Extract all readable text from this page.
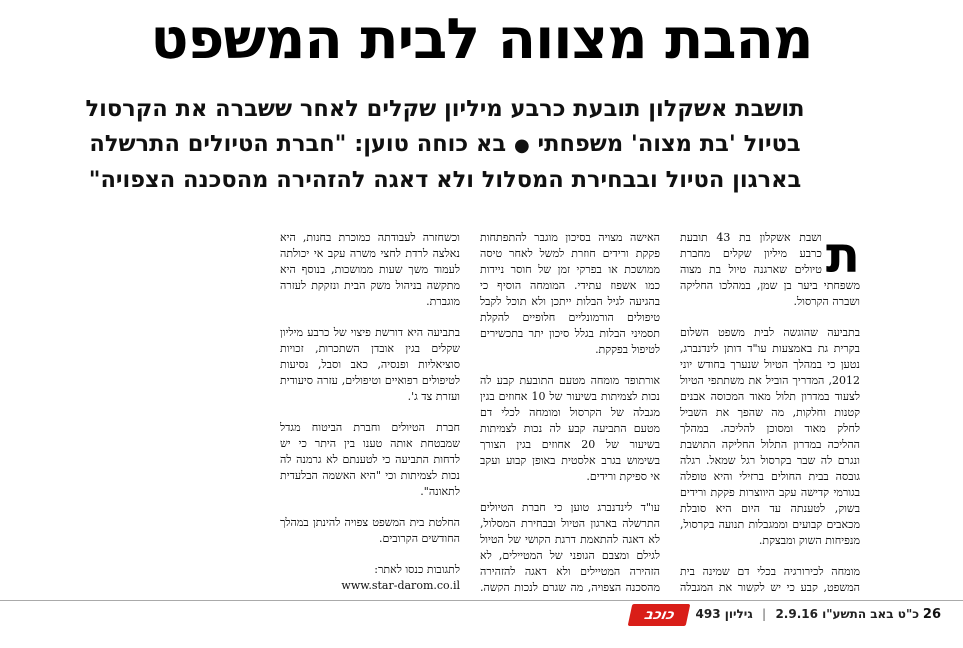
מהבת מצווה לבית המשפט
תושבת אשקלון תובעת כרבע מיליון שקלים לאחר ששברה את הקרסול
בטיול 'בת מצוה' משפחתי ● בא כוחה טוען: "חברת הטיולים התרשלה
בארגון הטיול ובבחירת המסלול ולא דאגה להזהירה מהסכנה הצפויה"

ת
ושבת אשקלון בת 43 תובעת כרבע מיליון שקלים מחברת טיולים שארגנה טיול בת מצוה משפחתי ביער בן שמן, במהלכו החליקה ושברה הקרסול.

בתביעה שהוגשה לבית משפט השלום בקרית גת באמצעות עו"ד דותן לינדנברג, נטען כי במהלך הטיול שנערך בחודש יוני 2012, המדריך הוביל את משתתפי הטיול לצעוד במדרון תלול מאוד המכוסה אבנים קטנות וחלקות, מה שהפך את השביל לחלק מאוד ומסוכן להליכה. במהלך ההליכה במדרון התלול החליקה התושבת ונגרם לה שבר בקרסול רגל שמאל. רגלה גובסה בבית החולים ברזילי והיא טופלה בגורמי קדישה עקב היווצרות פקקת ורידים בשוק, לטענתה עד היום היא סובלת מכאבים קבועים וממגבלות תנועה בקרסול, מנפיחות השוק ומבצקת.

מומחה לכירורגיה בכלי דם שמינה בית המשפט, קבע כי יש לקשור את המגבלה

האישה מצויה בסיכון מוגבר להתפתחות פקקת ורידים חוזרת למשל לאחר טיסה ממושכת או בפרקי זמן של חוסר ניידות כמו אשפוז עתידי. המומחה הוסיף כי בהגיעה לגיל הבלות ייתכן ולא תוכל לקבל טיפולים הורמונליים חלופיים להקלת תסמיני הבלות בגלל סיכון יתר בתכשירים לטיפול בפקקת.

אורתופד מומחה מטעם התובעת קבע לה נכות לצמיתות בשיעור של 10 אחוזים בגין מגבלה של הקרסול ומומחה לכלי דם מטעם התביעה קבע לה נכות לצמיתות בשיעור של 20 אחוזים בגין הצורך בשימוש בגרב אלסטית באופן קבוע ועקב אי ספיקת ורידים.

עו"ד לינדנברג טוען כי חברת הטיולים התרשלה בארגון הטיול ובבחירת המסלול, לא דאגה להתאמת דרגת הקושי של הטיול לגילם ומצבם הגופני של המטיילים, לא הזהירה המטיילים ולא דאגה להזהירה מהסכנה הצפויה, מה שגרם לנכות הקשה.

וכשחזרה לעבודתה כמוכרת בחנות, היא נאלצה לרדת לחצי משרה עקב אי יכולתה לעמוד משך שעות ממושכות, בנוסף היא מתקשה בניהול משק הבית ונזקקת לעזרה מוגברת.

בתביעה היא דורשת פיצוי של כרבע מיליון שקלים בגין אובדן השתכרות, זכויות סוציאליות ופנסיה, כאב וסבל, נסיעות לטיפולים רפואיים וטיפולים, עזרה סיעודית ועזרת צד ג'.

חברת הטיולים וחברת הביטוח מגדל שמבטחת אותה טענו בין היתר כי יש לדחות התביעה כי לטענתם לא גרמנה לה נכות לצמיתות וכי "היא האשמה הבלעדית לתאונה".

החלטת בית המשפט צפויה להינתן במהלך החודשים הקרובים.

לתגובות כנסו לאתר:
www.star-darom.co.il
26
כ"ט באב התשע"ו 2.9.16 | גיליון 493
כוכב הדרום
